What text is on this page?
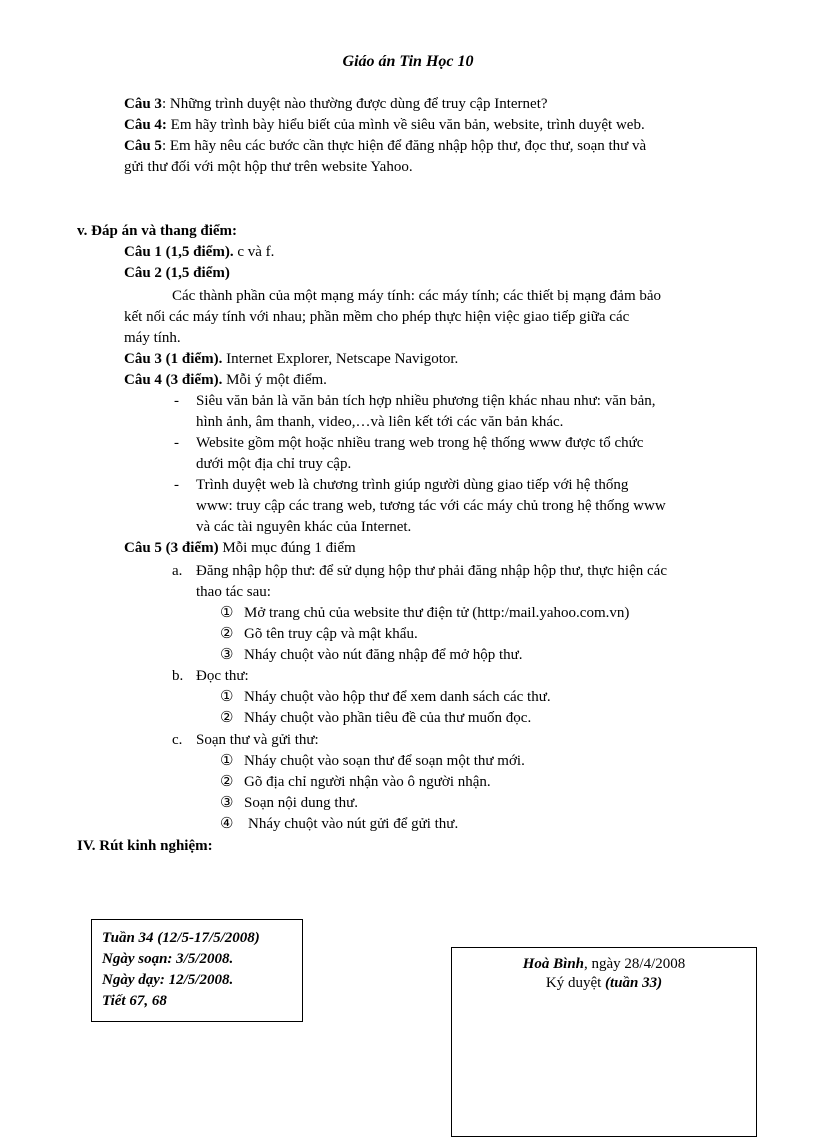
Giáo án Tin Học 10
Câu 3: Những trình duyệt nào thường được dùng để truy cập Internet?
Câu 4: Em hãy trình bày hiểu biết của mình về siêu văn bản, website, trình duyệt web.
Câu 5: Em hãy nêu các bước cần thực hiện để đăng nhập hộp thư, đọc thư, soạn thư và
gửi thư đối với một hộp thư trên website Yahoo.
v. Đáp án và thang điểm:
Câu 1 (1,5 điểm). c và f.
Câu 2 (1,5 điểm)
Các thành phần của một mạng máy tính: các máy tính; các thiết bị mạng đảm bảo
kết nối các máy tính với nhau; phần mềm cho phép thực hiện việc giao tiếp giữa các
máy tính.
Câu 3 (1 điểm). Internet Explorer, Netscape Navigotor.
Câu 4 (3 điểm). Mỗi ý một điểm.
- Siêu văn bản là văn bản tích hợp nhiều phương tiện khác nhau như: văn bản,
hình ảnh, âm thanh, video,…và liên kết tới các văn bản khác.
- Website gồm một hoặc nhiều trang web trong hệ thống www được tổ chức
dưới một địa chỉ truy cập.
- Trình duyệt web là chương trình giúp người dùng giao tiếp với hệ thống
www: truy cập các trang web, tương tác với các máy chủ trong hệ thống www
và các tài nguyên khác của Internet.
Câu 5 (3 điểm) Mỗi mục đúng 1 điểm
a. Đăng nhập hộp thư: để sử dụng hộp thư phải đăng nhập hộp thư, thực hiện các
thao tác sau:
① Mở trang chủ của website thư điện tử (http:/mail.yahoo.com.vn)
② Gõ tên truy cập và mật khẩu.
③ Nháy chuột vào nút đăng nhập để mở hộp thư.
b. Đọc thư:
① Nháy chuột vào hộp thư để xem danh sách các thư.
② Nháy chuột vào phần tiêu đề của thư muốn đọc.
c. Soạn thư và gửi thư:
① Nháy chuột vào soạn thư để soạn một thư mới.
② Gõ địa chỉ người nhận vào ô người nhận.
③ Soạn nội dung thư.
④ Nháy chuột vào nút gửi để gửi thư.
IV. Rút kinh nghiệm:
Tuần 34 (12/5-17/5/2008)
Ngày soạn: 3/5/2008.
Ngày dạy: 12/5/2008.
Tiết 67, 68
Hoà Bình, ngày 28/4/2008
Ký duyệt (tuần 33)
